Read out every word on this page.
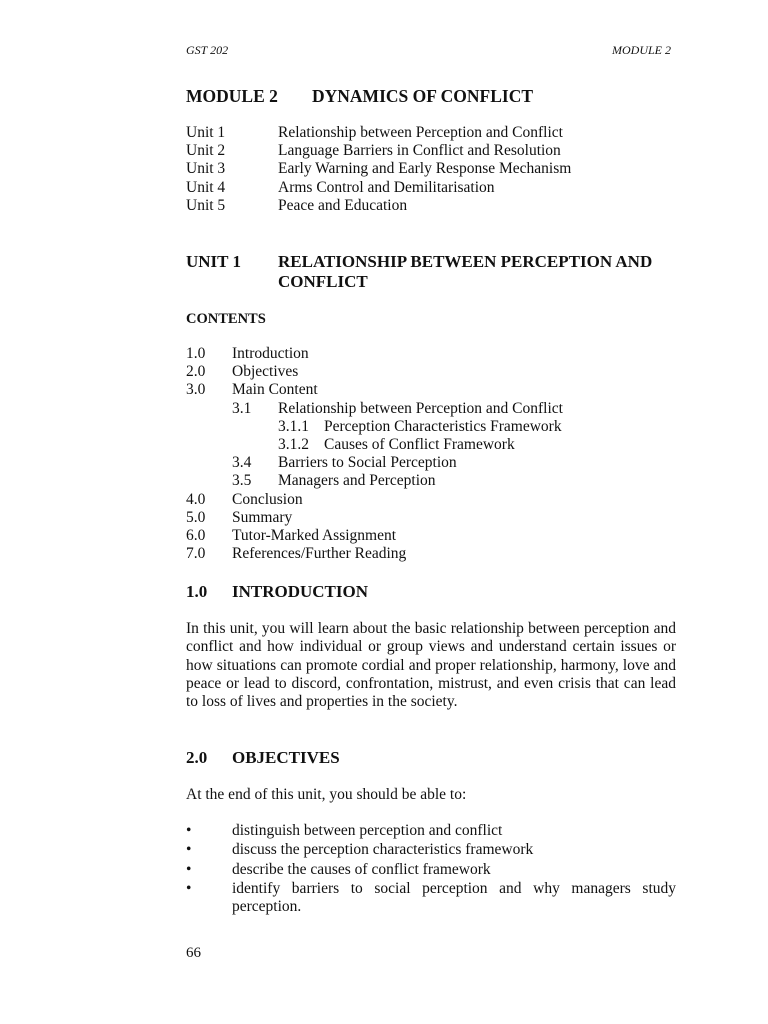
GST 202	MODULE 2
MODULE 2 DYNAMICS OF CONFLICT
Unit 1	Relationship between Perception and Conflict
Unit 2	Language Barriers in Conflict and Resolution
Unit 3	Early Warning and Early Response Mechanism
Unit 4	Arms Control and Demilitarisation
Unit 5	Peace and Education
UNIT 1 RELATIONSHIP BETWEEN PERCEPTION AND CONFLICT
CONTENTS
1.0 Introduction
2.0 Objectives
3.0 Main Content
3.1 Relationship between Perception and Conflict
3.1.1 Perception Characteristics Framework
3.1.2 Causes of Conflict Framework
3.4 Barriers to Social Perception
3.5 Managers and Perception
4.0 Conclusion
5.0 Summary
6.0 Tutor-Marked Assignment
7.0 References/Further Reading
1.0 INTRODUCTION
In this unit, you will learn about the basic relationship between perception and conflict and how individual or group views and understand certain issues or how situations can promote cordial and proper relationship, harmony, love and peace or lead to discord, confrontation, mistrust, and even crisis that can lead to loss of lives and properties in the society.
2.0 OBJECTIVES
At the end of this unit, you should be able to:
•	distinguish between perception and conflict
•	discuss the perception characteristics framework
•	describe the causes of conflict framework
•	identify barriers to social perception and why managers study perception.
66
